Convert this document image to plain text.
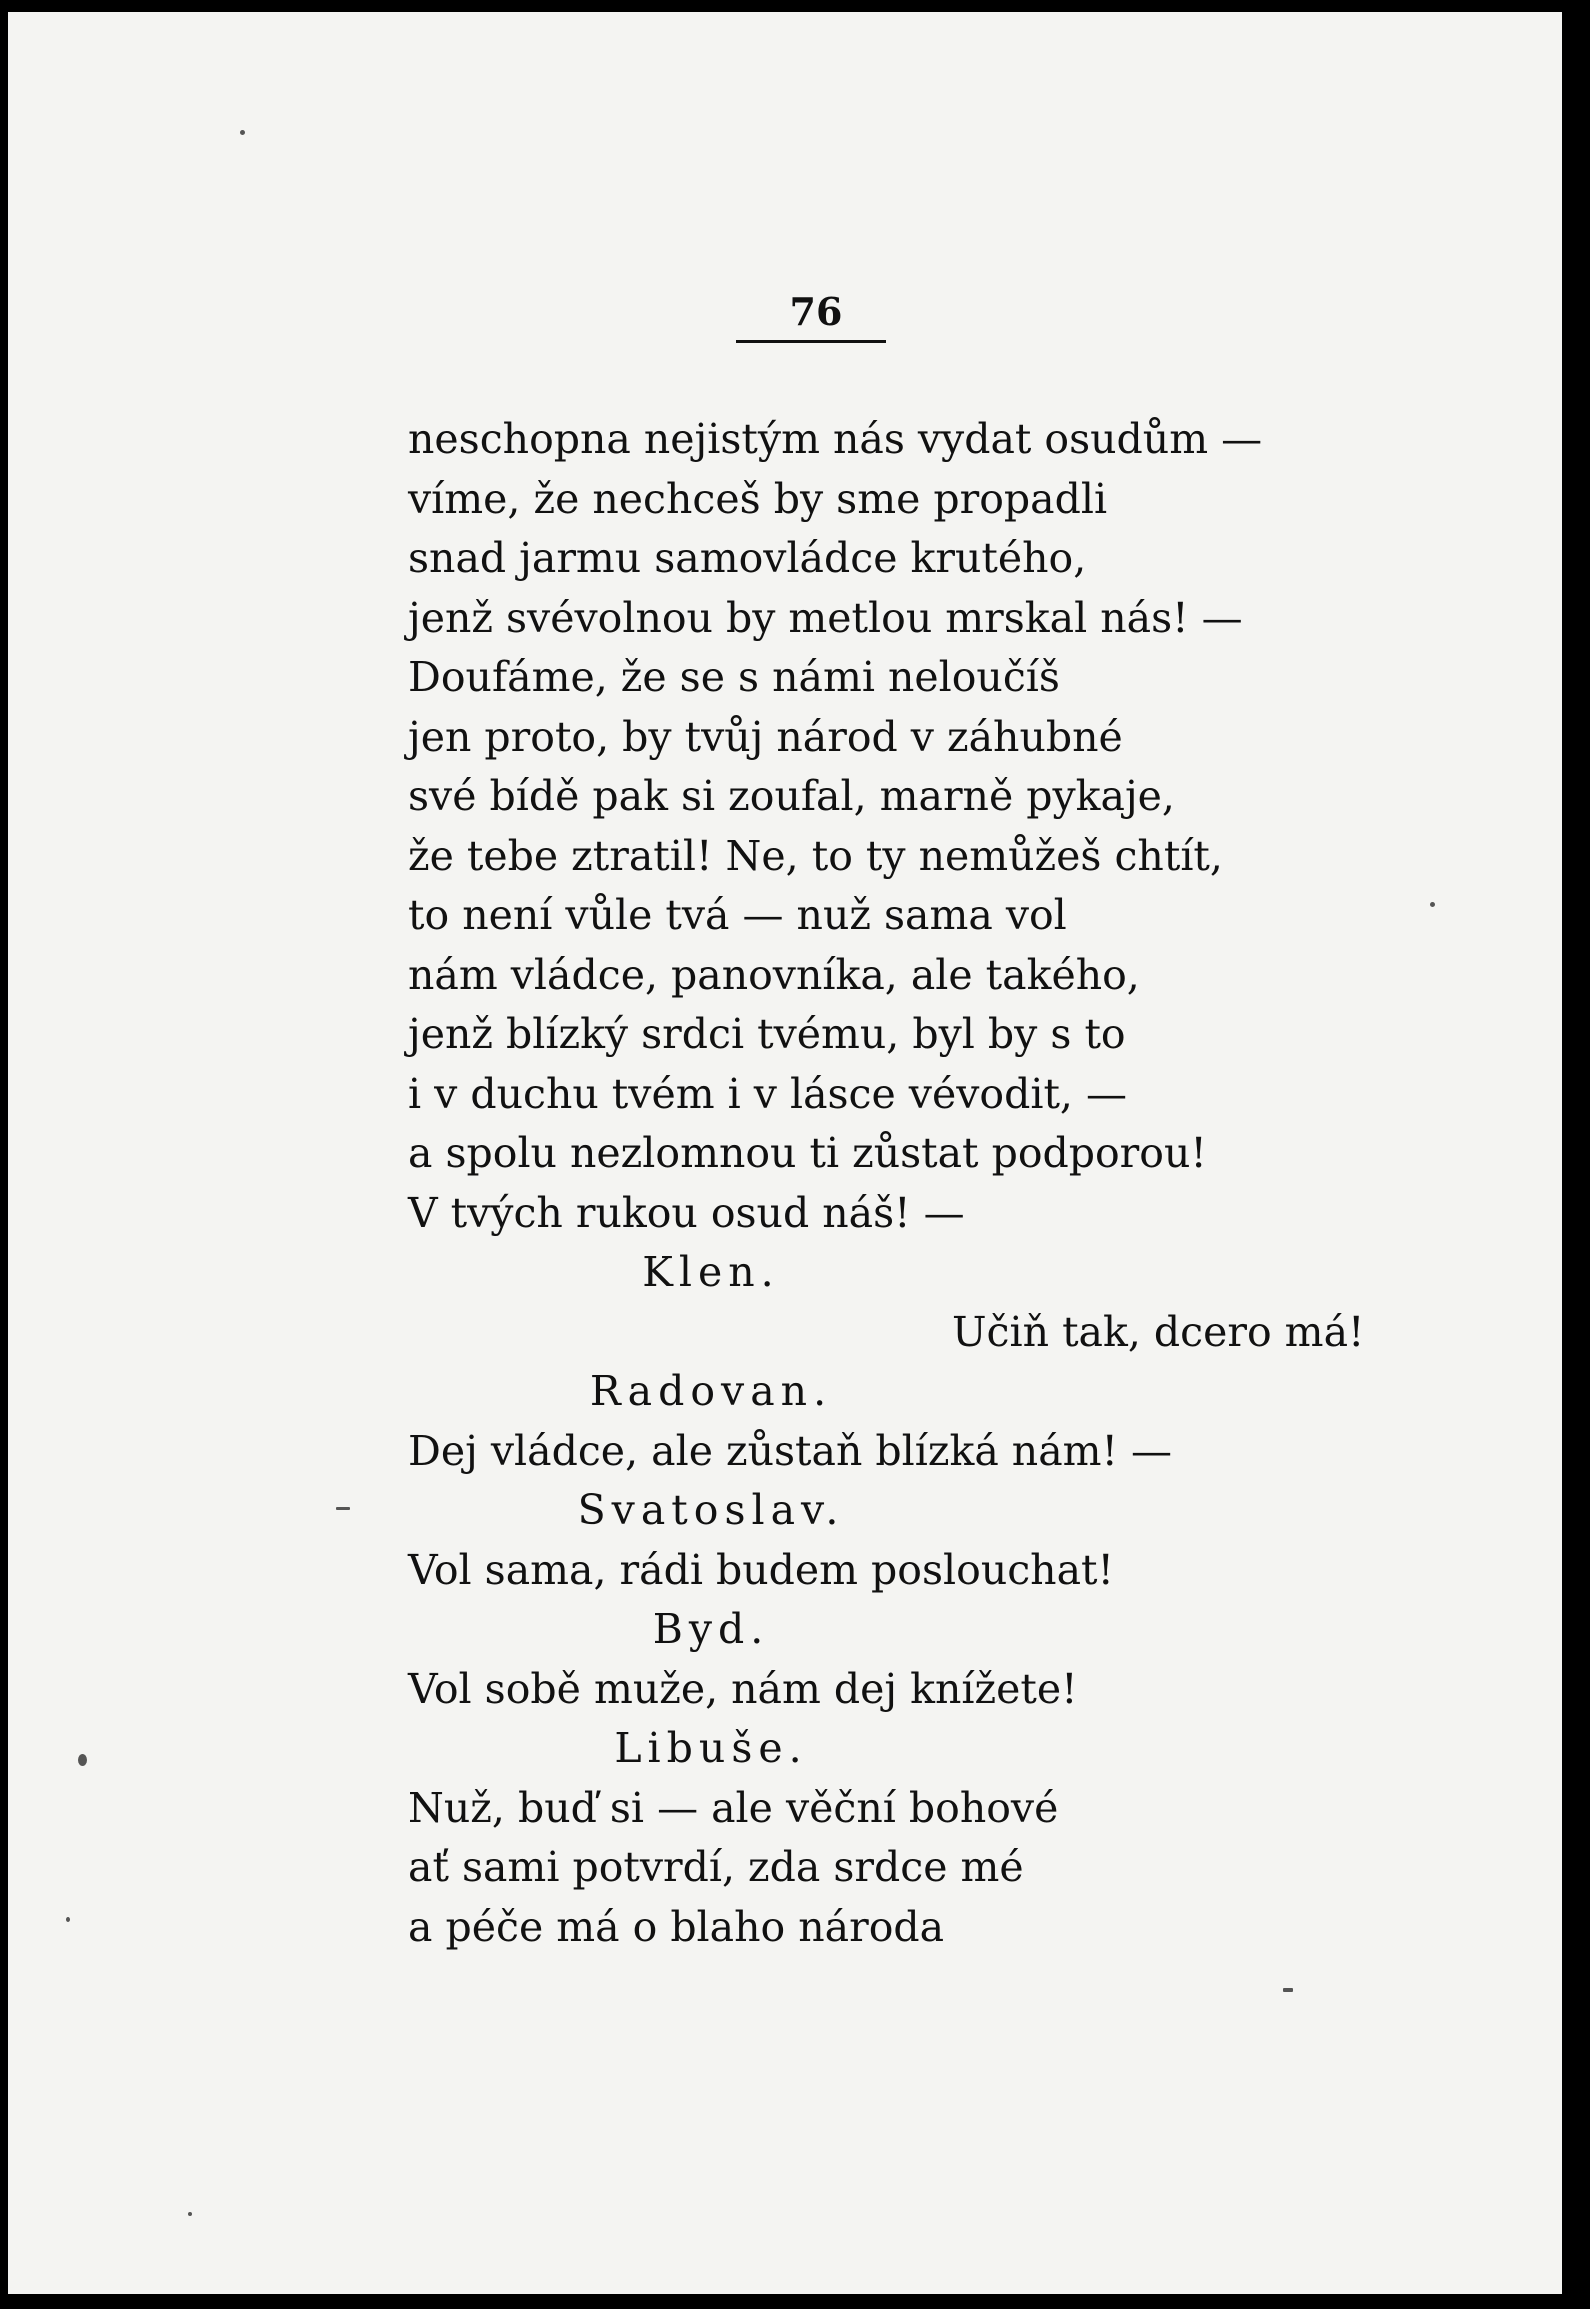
76
neschopna nejistým nás vydat osudům —
víme, že nechceš by sme propadli
snad jarmu samovládce krutého,
jenž svévolnou by metlou mrskal nás! —
Doufáme, že se s námi neloučíš
jen proto, by tvůj národ v záhubné
své bídě pak si zoufal, marně pykaje,
že tebe ztratil! Ne, to ty nemůžeš chtít,
to není vůle tvá — nuž sama vol
nám vládce, panovníka, ale takého,
jenž blízký srdci tvému, byl by s to
i v duchu tvém i v lásce vévodit, —
a spolu nezlomnou ti zůstat podporou!
V tvých rukou osud náš! —
Klen.
Učiň tak, dcero má!
Radovan.
Dej vládce, ale zůstaň blízká nám! —
Svatoslav.
Vol sama, rádi budem poslouchat!
Byd.
Vol sobě muže, nám dej knížete!
Libuše.
Nuž, buď si — ale věční bohové
ať sami potvrdí, zda srdce mé
a péče má o blaho národa
